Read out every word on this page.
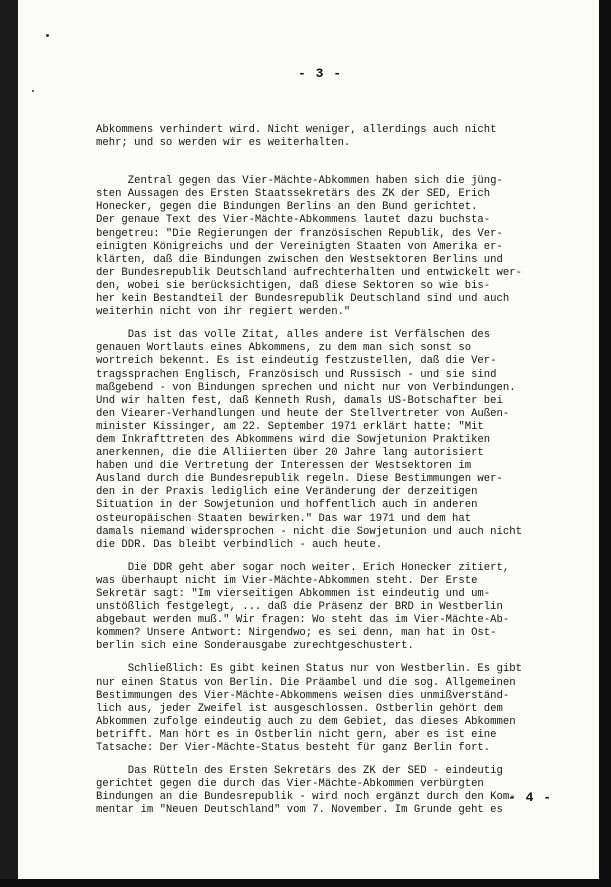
- 3 -
Abkommens verhindert wird. Nicht weniger, allerdings auch nicht
mehr; und so werden wir es weiterhalten.
Zentral gegen das Vier-Mächte-Abkommen haben sich die jüng-
sten Aussagen des Ersten Staatssekretärs des ZK der SED, Erich
Honecker, gegen die Bindungen Berlins an den Bund gerichtet.
Der genaue Text des Vier-Mächte-Abkommens lautet dazu buchsta-
bengetreu: "Die Regierungen der französischen Republik, des Ver-
einigten Königreichs und der Vereinigten Staaten von Amerika er-
klärten, daß die Bindungen zwischen den Westsektoren Berlins und
der Bundesrepublik Deutschland aufrechterhalten und entwickelt wer-
den, wobei sie berücksichtigen, daß diese Sektoren so wie bis-
her kein Bestandteil der Bundesrepublik Deutschland sind und auch
weiterhin nicht von ihr regiert werden."
Das ist das volle Zitat, alles andere ist Verfälschen des
genauen Wortlauts eines Abkommens, zu dem man sich sonst so
wortreich bekennt. Es ist eindeutig festzustellen, daß die Ver-
tragssprachen Englisch, Französisch und Russisch - und sie sind
maßgebend - von Bindungen sprechen und nicht nur von Verbindungen.
Und wir halten fest, daß Kenneth Rush, damals US-Botschafter bei
den Viearer-Verhandlungen und heute der Stellvertreter von Außen-
minister Kissinger, am 22. September 1971 erklärt hatte: "Mit
dem Inkrafttreten des Abkommens wird die Sowjetunion Praktiken
anerkennen, die die Alliierten über 20 Jahre lang autorisiert
haben und die Vertretung der Interessen der Westsektoren im
Ausland durch die Bundesrepublik regeln. Diese Bestimmungen wer-
den in der Praxis lediglich eine Veränderung der derzeitigen
Situation in der Sowjetunion und hoffentlich auch in anderen
osteuropäischen Staaten bewirken." Das war 1971 und dem hat
damals niemand widersprochen - nicht die Sowjetunion und auch nicht
die DDR. Das bleibt verbindlich - auch heute.
Die DDR geht aber sogar noch weiter. Erich Honecker zitiert,
was überhaupt nicht im Vier-Mächte-Abkommen steht. Der Erste
Sekretär sagt: "Im vierseitigen Abkommen ist eindeutig und um-
unstößlich festgelegt, ... daß die Präsenz der BRD in Westberlin
abgebaut werden muß." Wir fragen: Wo steht das im Vier-Mächte-Ab-
kommen? Unsere Antwort: Nirgendwo; es sei denn, man hat in Ost-
berlin sich eine Sonderausgabe zurechtgeschustert.
Schließlich: Es gibt keinen Status nur von Westberlin. Es gibt
nur einen Status von Berlin. Die Präambel und die sog. Allgemeinen
Bestimmungen des Vier-Mächte-Abkommens weisen dies unmißverständ-
lich aus, jeder Zweifel ist ausgeschlossen. Ostberlin gehört dem
Abkommen zufolge eindeutig auch zu dem Gebiet, das dieses Abkommen
betrifft. Man hört es in Ostberlin nicht gern, aber es ist eine
Tatsache: Der Vier-Mächte-Status besteht für ganz Berlin fort.
Das Rütteln des Ersten Sekretärs des ZK der SED - eindeutig
gerichtet gegen die durch das Vier-Mächte-Abkommen verbürgten
Bindungen an die Bundesrepublik - wird noch ergänzt durch den Kom-
mentar im "Neuen Deutschland" vom 7. November. Im Grunde geht es
- 4 -
